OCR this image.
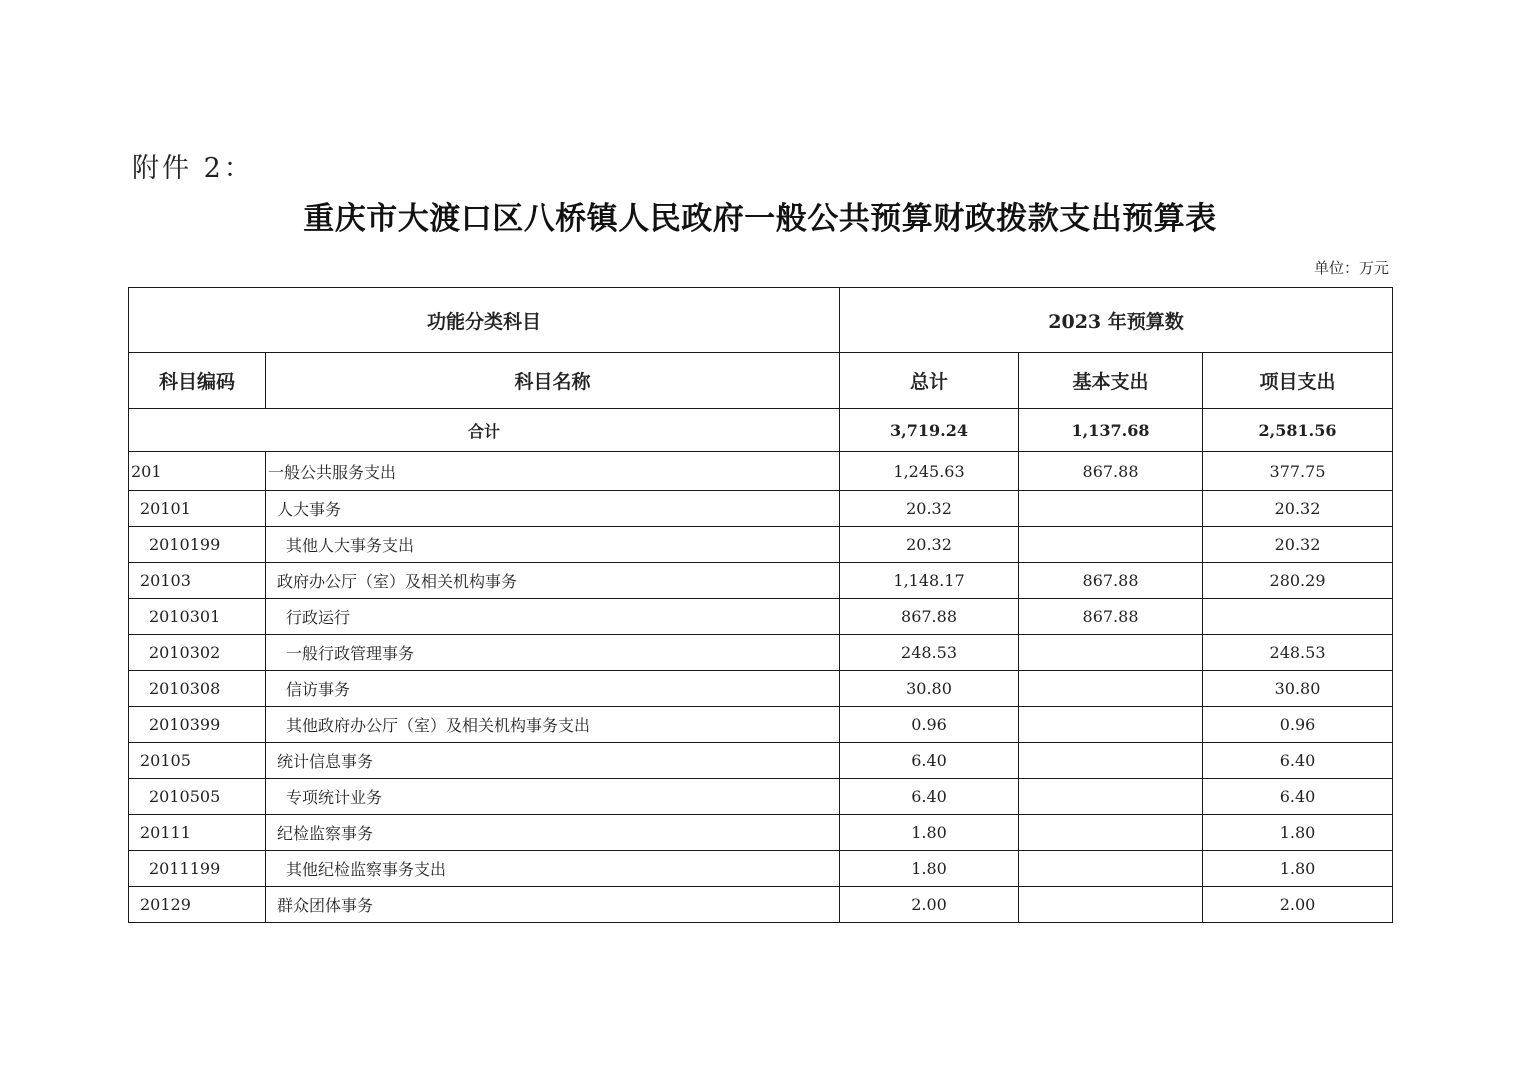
附件 2：
重庆市大渡口区八桥镇人民政府一般公共预算财政拨款支出预算表
单位：万元
功能分类科目		2023 年预算数		
科目编码	科目名称	总计	基本支出	项目支出
合计		3,719.24	1,137.68	2,581.56
201	一般公共服务支出	1,245.63	867.88	377.75
20101	人大事务	20.32		20.32
2010199	其他人大事务支出	20.32		20.32
20103	政府办公厅（室）及相关机构事务	1,148.17	867.88	280.29
2010301	行政运行	867.88	867.88	
2010302	一般行政管理事务	248.53		248.53
2010308	信访事务	30.80		30.80
2010399	其他政府办公厅（室）及相关机构事务支出	0.96		0.96
20105	统计信息事务	6.40		6.40
2010505	专项统计业务	6.40		6.40
20111	纪检监察事务	1.80		1.80
2011199	其他纪检监察事务支出	1.80		1.80
20129	群众团体事务	2.00		2.00
